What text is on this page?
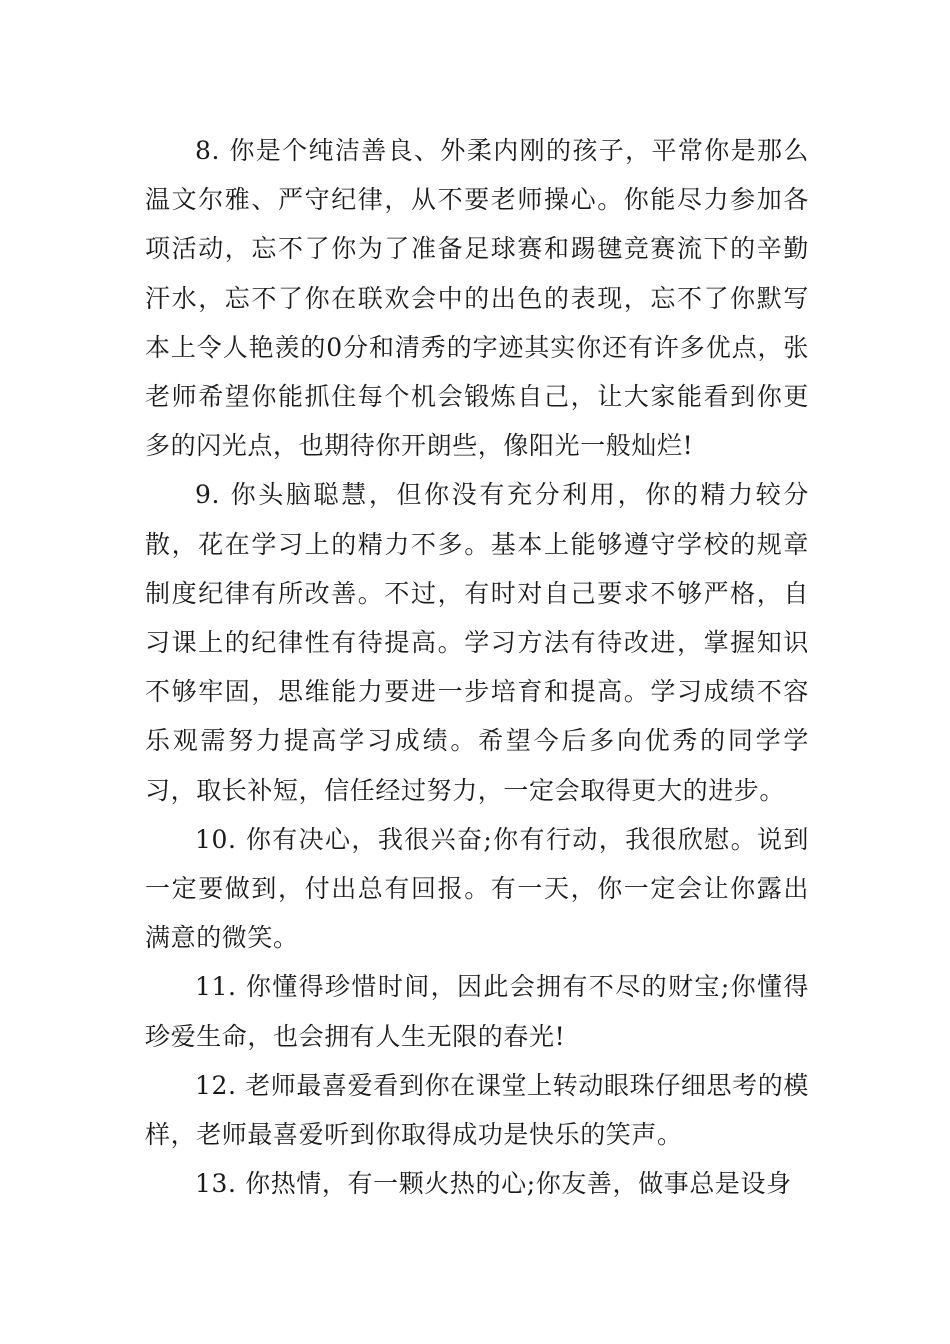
8. 你是个纯洁善良、外柔内刚的孩子，平常你是那么温文尔雅、严守纪律，从不要老师操心。你能尽力参加各项活动，忘不了你为了准备足球赛和踢毽竞赛流下的辛勤汗水，忘不了你在联欢会中的出色的表现，忘不了你默写本上令人艳羡的0分和清秀的字迹其实你还有许多优点，张老师希望你能抓住每个机会锻炼自己，让大家能看到你更多的闪光点，也期待你开朗些，像阳光一般灿烂!

9. 你头脑聪慧，但你没有充分利用，你的精力较分散，花在学习上的精力不多。基本上能够遵守学校的规章制度纪律有所改善。不过，有时对自己要求不够严格，自习课上的纪律性有待提高。学习方法有待改进，掌握知识不够牢固，思维能力要进一步培育和提高。学习成绩不容乐观需努力提高学习成绩。希望今后多向优秀的同学学习，取长补短，信任经过努力，一定会取得更大的进步。

10. 你有决心，我很兴奋;你有行动，我很欣慰。说到一定要做到，付出总有回报。有一天，你一定会让你露出满意的微笑。

11. 你懂得珍惜时间，因此会拥有不尽的财宝;你懂得珍爱生命，也会拥有人生无限的春光!

12. 老师最喜爱看到你在课堂上转动眼珠仔细思考的模样，老师最喜爱听到你取得成功是快乐的笑声。

13. 你热情，有一颗火热的心;你友善，做事总是设身
